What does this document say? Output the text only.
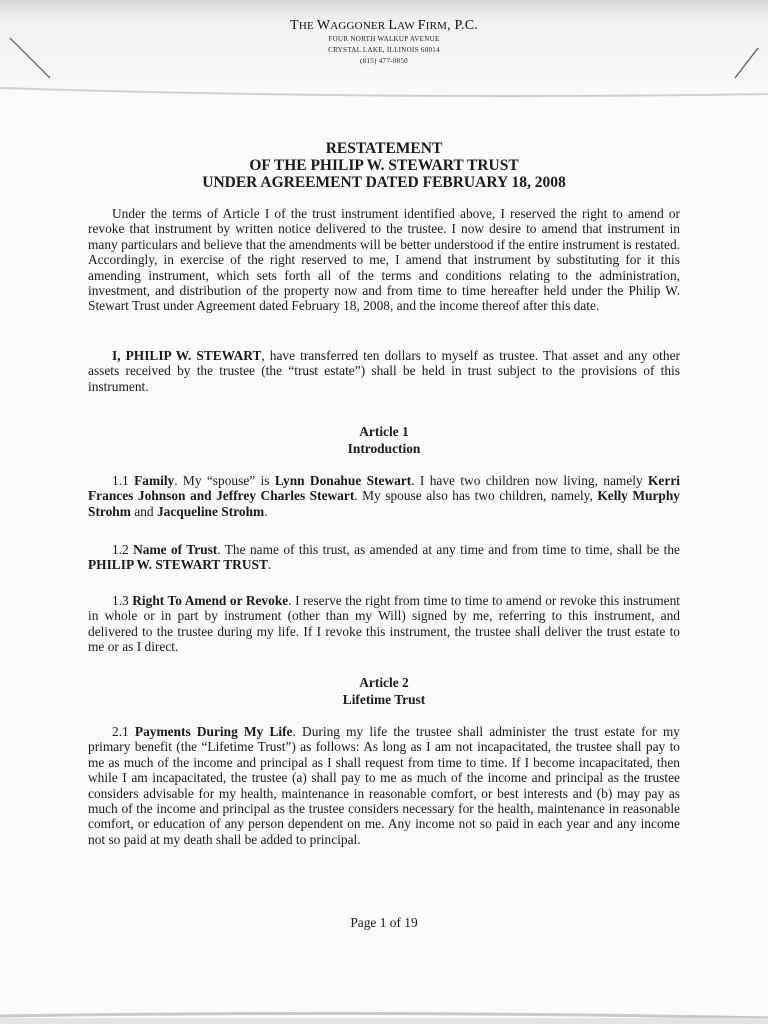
THE WAGGONER LAW FIRM, P.C.
FOUR NORTH WALKUP AVENUE
CRYSTAL LAKE, ILLINOIS 60014
(815) 477-0850
RESTATEMENT
OF THE PHILIP W. STEWART TRUST
UNDER AGREEMENT DATED FEBRUARY 18, 2008

Under the terms of Article I of the trust instrument identified above, I reserved the right to amend or revoke that instrument by written notice delivered to the trustee. I now desire to amend that instrument in many particulars and believe that the amendments will be better understood if the entire instrument is restated. Accordingly, in exercise of the right reserved to me, I amend that instrument by substituting for it this amending instrument, which sets forth all of the terms and conditions relating to the administration, investment, and distribution of the property now and from time to time hereafter held under the Philip W. Stewart Trust under Agreement dated February 18, 2008, and the income thereof after this date.

I, PHILIP W. STEWART, have transferred ten dollars to myself as trustee. That asset and any other assets received by the trustee (the “trust estate”) shall be held in trust subject to the provisions of this instrument.

Article 1
Introduction

1.1 Family. My “spouse” is Lynn Donahue Stewart. I have two children now living, namely Kerri Frances Johnson and Jeffrey Charles Stewart. My spouse also has two children, namely, Kelly Murphy Strohm and Jacqueline Strohm.

1.2 Name of Trust. The name of this trust, as amended at any time and from time to time, shall be the PHILIP W. STEWART TRUST.

1.3 Right To Amend or Revoke. I reserve the right from time to time to amend or revoke this instrument in whole or in part by instrument (other than my Will) signed by me, referring to this instrument, and delivered to the trustee during my life. If I revoke this instrument, the trustee shall deliver the trust estate to me or as I direct.

Article 2
Lifetime Trust

2.1 Payments During My Life. During my life the trustee shall administer the trust estate for my primary benefit (the “Lifetime Trust”) as follows: As long as I am not incapacitated, the trustee shall pay to me as much of the income and principal as I shall request from time to time. If I become incapacitated, then while I am incapacitated, the trustee (a) shall pay to me as much of the income and principal as the trustee considers advisable for my health, maintenance in reasonable comfort, or best interests and (b) may pay as much of the income and principal as the trustee considers necessary for the health, maintenance in reasonable comfort, or education of any person dependent on me. Any income not so paid in each year and any income not so paid at my death shall be added to principal.

Page 1 of 19
